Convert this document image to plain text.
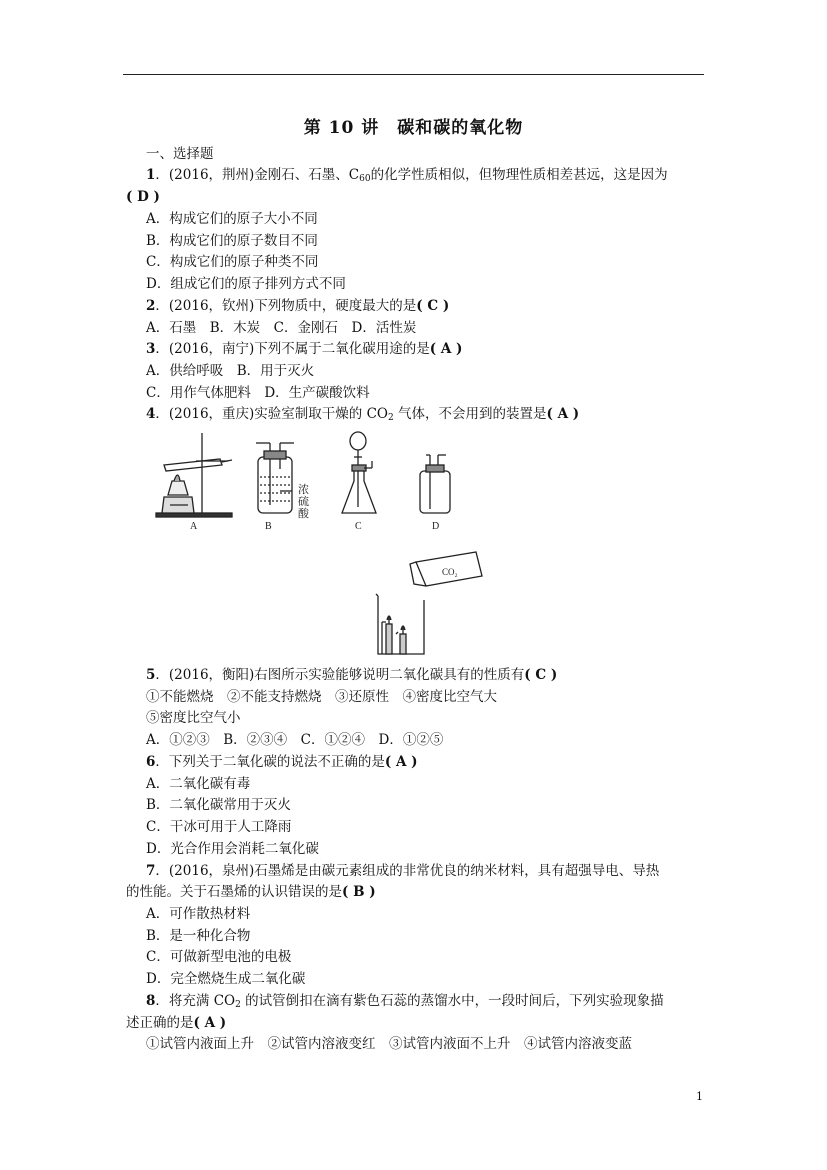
第 10 讲　碳和碳的氧化物
一、选择题
1．(2016，荆州)金刚石、石墨、$C_{60}$的化学性质相似，但物理性质相差甚远，这是因为
( D )
A．构成它们的原子大小不同
B．构成它们的原子数目不同
C．构成它们的原子种类不同
D．组成它们的原子排列方式不同
2．(2016，钦州)下列物质中，硬度最大的是( C )
A．石墨　B．木炭　C．金刚石　D．活性炭
3．(2016，南宁)下列不属于二氧化碳用途的是( A )
A．供给呼吸　B．用于灭火
C．用作气体肥料　D．生产碳酸饮料
4．(2016，重庆)实验室制取干燥的 $CO_2$ 气体，不会用到的装置是( A )
A
浓
硫
酸
B	C	D
CO₂
5．(2016，衡阳)右图所示实验能够说明二氧化碳具有的性质有( C )
①不能燃烧　②不能支持燃烧　③还原性　④密度比空气大
⑤密度比空气小
A．①②③　B．②③④　C．①②④　D．①②⑤
6．下列关于二氧化碳的说法不正确的是( A )
A．二氧化碳有毒
B．二氧化碳常用于灭火
C．干冰可用于人工降雨
D．光合作用会消耗二氧化碳
7．(2016，泉州)石墨烯是由碳元素组成的非常优良的纳米材料，具有超强导电、导热
的性能。关于石墨烯的认识错误的是( B )
A．可作散热材料
B．是一种化合物
C．可做新型电池的电极
D．完全燃烧生成二氧化碳
8．将充满 $CO_2$ 的试管倒扣在滴有紫色石蕊的蒸馏水中，一段时间后，下列实验现象描
述正确的是( A )
①试管内液面上升　②试管内溶液变红　③试管内液面不上升　④试管内溶液变蓝
1
